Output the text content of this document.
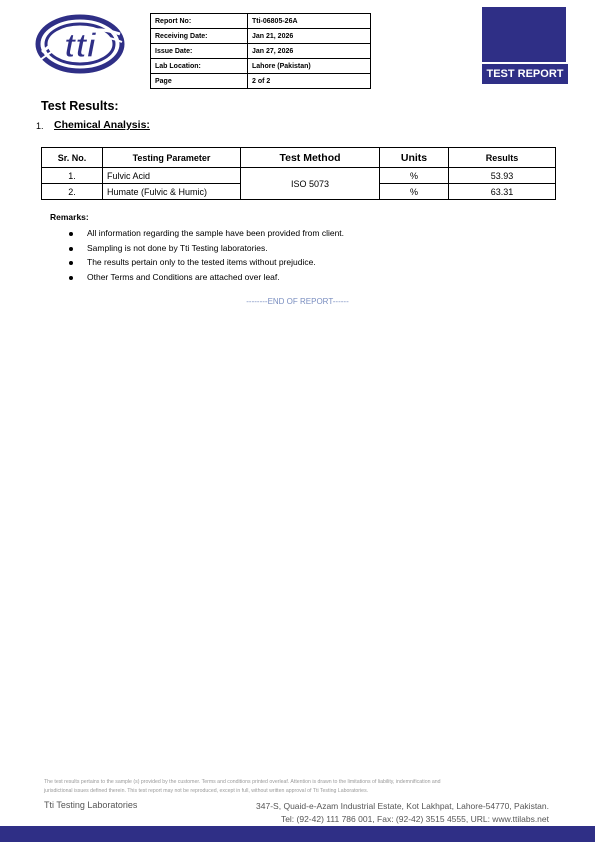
tti
Report No:	Tti-06805-26A
Receiving Date:	Jan 21, 2026
Issue Date:	Jan 27, 2026
Lab Location:	Lahore (Pakistan)
Page	2 of 2
TEST REPORT
Test Results:
1. Chemical Analysis:
Sr. No.	Testing Parameter	Test Method	Units	Results
1.	Fulvic Acid	ISO 5073	%	53.93
2.	Humate (Fulvic & Humic)		%	63.31
Remarks:
All information regarding the sample have been provided from client.
Sampling is not done by Tti Testing laboratories.
The results pertain only to the tested items without prejudice.
Other Terms and Conditions are attached over leaf.
--------END OF REPORT------
The test results pertains to the sample (s) provided by the customer. Terms and conditions printed overleaf. Attention is drawn to the limitations of liability, indemnification and
jurisdictional issues defined therein. This test report may not be reproduced, except in full, without written approval of Tti Testing Laboratories.
Tti Testing Laboratories	347-S, Quaid-e-Azam Industrial Estate, Kot Lakhpat, Lahore-54770, Pakistan.
Tel: (92-42) 111 786 001, Fax: (92-42) 3515 4555, URL: www.ttilabs.net
